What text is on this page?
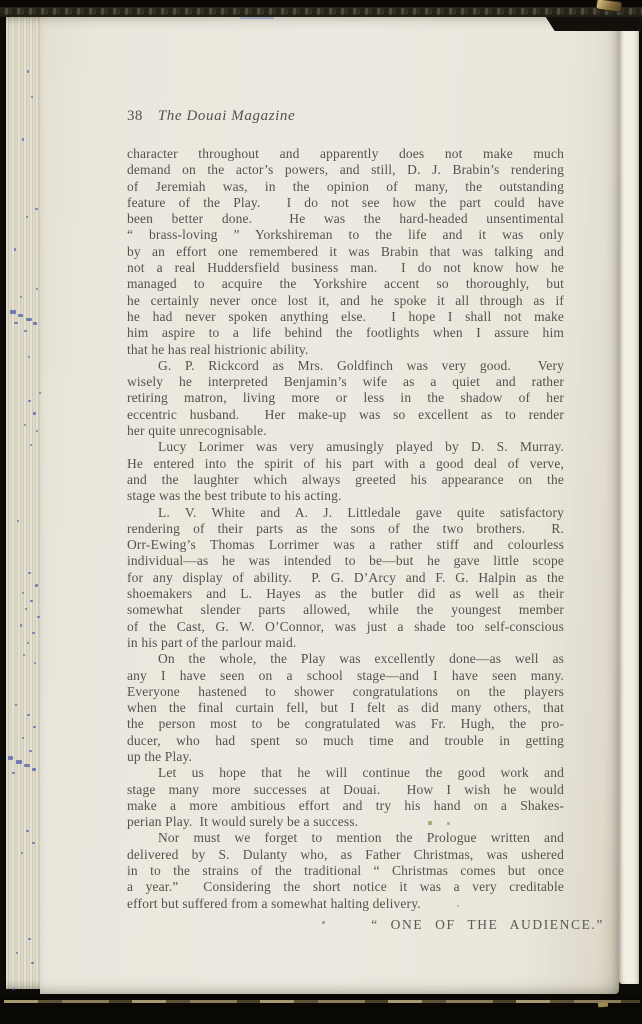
38 The Douai Magazine
character throughout and apparently does not make much
demand on the actor’s powers, and still, D. J. Brabin’s rendering
of Jeremiah was, in the opinion of many, the outstanding
feature of the Play.  I do not see how the part could have
been better done.  He was the hard-headed unsentimental
“ brass-loving ” Yorkshireman to the life and it was only
by an effort one remembered it was Brabin that was talking and
not a real Huddersfield business man.  I do not know how he
managed to acquire the Yorkshire accent so thoroughly, but
he certainly never once lost it, and he spoke it all through as if
he had never spoken anything else.  I hope I shall not make
him aspire to a life behind the footlights when I assure him
that he has real histrionic ability.
G. P. Rickcord as Mrs. Goldfinch was very good.  Very
wisely he interpreted Benjamin’s wife as a quiet and rather
retiring matron, living more or less in the shadow of her
eccentric husband.  Her make-up was so excellent as to render
her quite unrecognisable.
Lucy Lorimer was very amusingly played by D. S. Murray.
He entered into the spirit of his part with a good deal of verve,
and the laughter which always greeted his appearance on the
stage was the best tribute to his acting.
L. V. White and A. J. Littledale gave quite satisfactory
rendering of their parts as the sons of the two brothers.  R.
Orr-Ewing’s Thomas Lorrimer was a rather stiff and colourless
individual—as he was intended to be—but he gave little scope
for any display of ability.  P. G. D’Arcy and F. G. Halpin as the
shoemakers and L. Hayes as the butler did as well as their
somewhat slender parts allowed, while the youngest member
of the Cast, G. W. O’Connor, was just a shade too self-conscious
in his part of the parlour maid.
On the whole, the Play was excellently done—as well as
any I have seen on a school stage—and I have seen many.
Everyone hastened to shower congratulations on the players
when the final curtain fell, but I felt as did many others, that
the person most to be congratulated was Fr. Hugh, the pro-
ducer, who had spent so much time and trouble in getting
up the Play.
Let us hope that he will continue the good work and
stage many more successes at Douai.  How I wish he would
make a more ambitious effort and try his hand on a Shakes-
perian Play.  It would surely be a success.
Nor must we forget to mention the Prologue written and
delivered by S. Dulanty who, as Father Christmas, was ushered
in to the strains of the traditional “ Christmas comes but once
a year.”  Considering the short notice it was a very creditable
effort but suffered from a somewhat halting delivery.
“ ONE OF THE AUDIENCE.”
